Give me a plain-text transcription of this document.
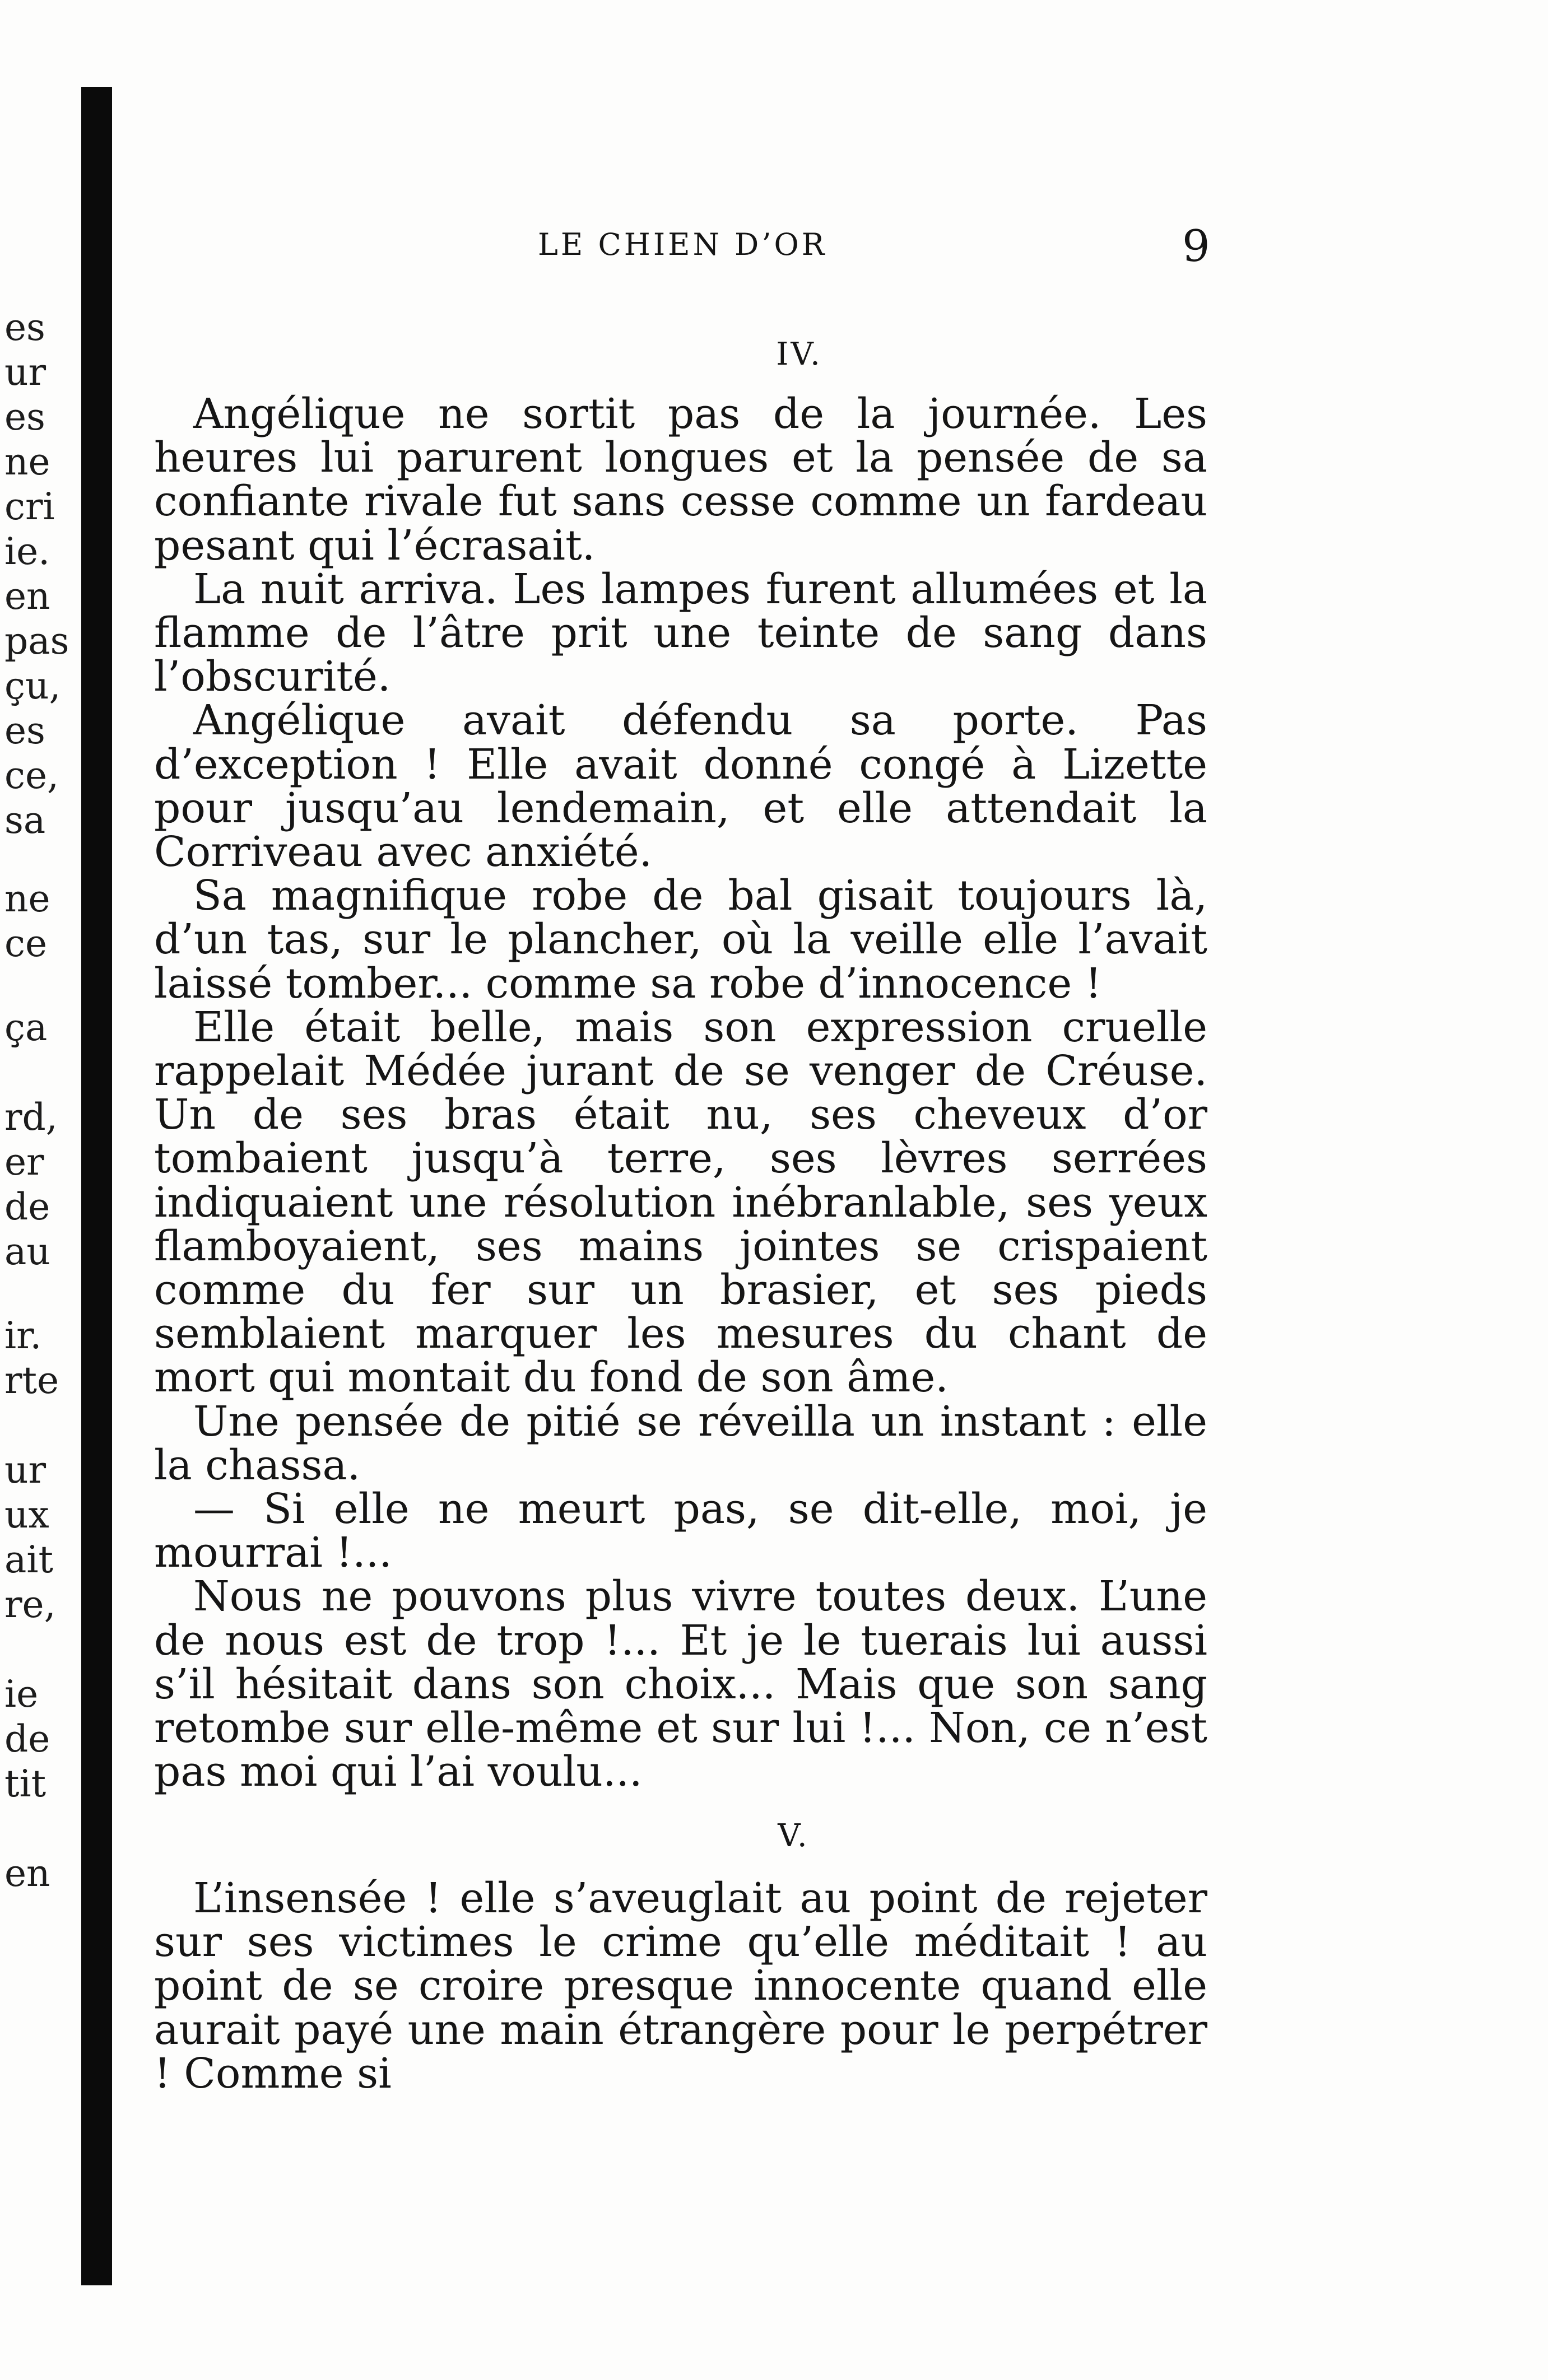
es
ur
es
ne
cri
ie.
en
pas
çu,
es
ce,
sa
ne
ce
ça
rd,
er
de
au
ir.
rte
ur
ux
ait
re,
ie
de
tit
en
LE CHIEN D’OR	9
IV.

Angélique ne sortit pas de la journée. Les heures lui parurent longues et la pensée de sa confiante rivale fut sans cesse comme un fardeau pesant qui l’écrasait.

La nuit arriva. Les lampes furent allumées et la flamme de l’âtre prit une teinte de sang dans l’obscurité.

Angélique avait défendu sa porte. Pas d’exception ! Elle avait donné congé à Lizette pour jusqu’au lendemain, et elle attendait la Corriveau avec anxiété.

Sa magnifique robe de bal gisait toujours là, d’un tas, sur le plancher, où la veille elle l’avait laissé tomber... comme sa robe d’innocence !

Elle était belle, mais son expression cruelle rappelait Médée jurant de se venger de Créuse. Un de ses bras était nu, ses cheveux d’or tombaient jusqu’à terre, ses lèvres serrées indiquaient une résolution inébranlable, ses yeux flamboyaient, ses mains jointes se crispaient comme du fer sur un brasier, et ses pieds semblaient marquer les mesures du chant de mort qui montait du fond de son âme.

Une pensée de pitié se réveilla un instant : elle la chassa.

— Si elle ne meurt pas, se dit-elle, moi, je mourrai !...

Nous ne pouvons plus vivre toutes deux. L’une de nous est de trop !... Et je le tuerais lui aussi s’il hésitait dans son choix... Mais que son sang retombe sur elle-même et sur lui !... Non, ce n’est pas moi qui l’ai voulu...

V.

L’insensée ! elle s’aveuglait au point de rejeter sur ses victimes le crime qu’elle méditait ! au point de se croire presque innocente quand elle aurait payé une main étrangère pour le perpétrer ! Comme si
